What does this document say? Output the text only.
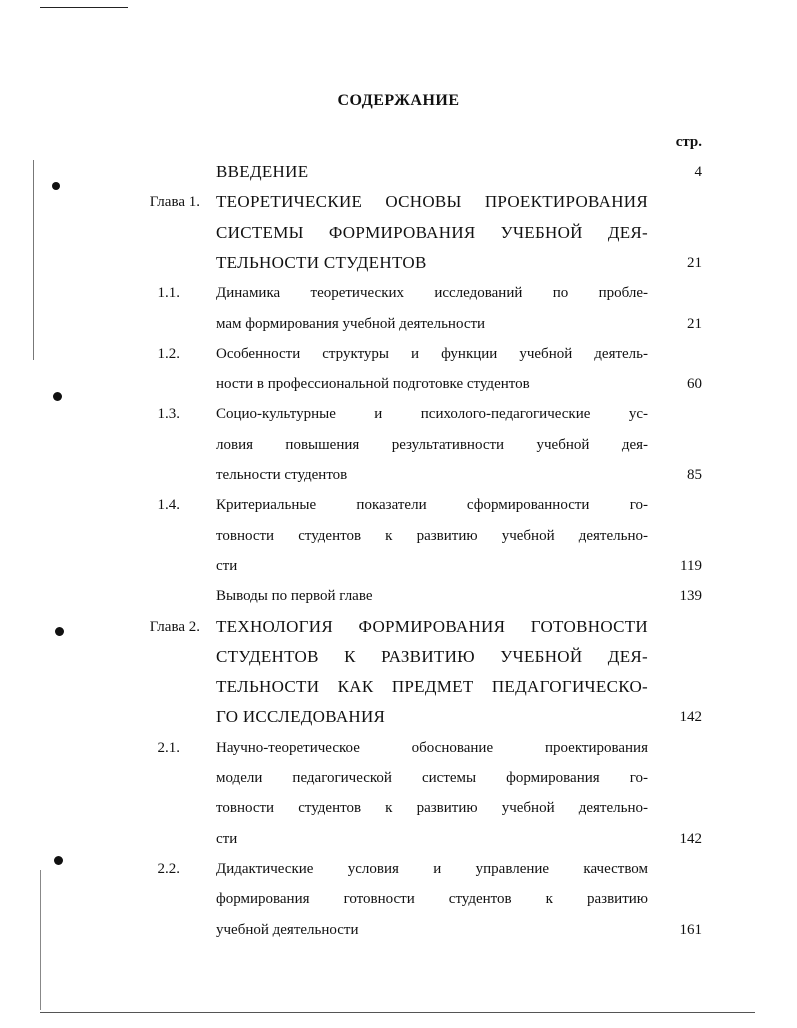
СОДЕРЖАНИЕ
стр.
ВВЕДЕНИЕ	4
Глава 1. ТЕОРЕТИЧЕСКИЕ ОСНОВЫ ПРОЕКТИРОВАНИЯ
СИСТЕМЫ ФОРМИРОВАНИЯ УЧЕБНОЙ ДЕЯ-
ТЕЛЬНОСТИ СТУДЕНТОВ	21
1.1. Динамика теоретических исследований по пробле-
мам формирования учебной деятельности	21
1.2. Особенности структуры и функции учебной деятель-
ности в профессиональной подготовке студентов	60
1.3. Социо-культурные и психолого-педагогические ус-
ловия повышения результативности учебной дея-
тельности студентов	85
1.4. Критериальные показатели сформированности го-
товности студентов к развитию учебной деятельно-
сти	119
Выводы по первой главе	139
Глава 2. ТЕХНОЛОГИЯ ФОРМИРОВАНИЯ ГОТОВНОСТИ
СТУДЕНТОВ К РАЗВИТИЮ УЧЕБНОЙ ДЕЯ-
ТЕЛЬНОСТИ КАК ПРЕДМЕТ ПЕДАГОГИЧЕСКО-
ГО ИССЛЕДОВАНИЯ	142
2.1. Научно-теоретическое обоснование проектирования
модели педагогической системы формирования го-
товности студентов к развитию учебной деятельно-
сти	142
2.2. Дидактические условия и управление качеством
формирования готовности студентов к развитию
учебной деятельности	161
